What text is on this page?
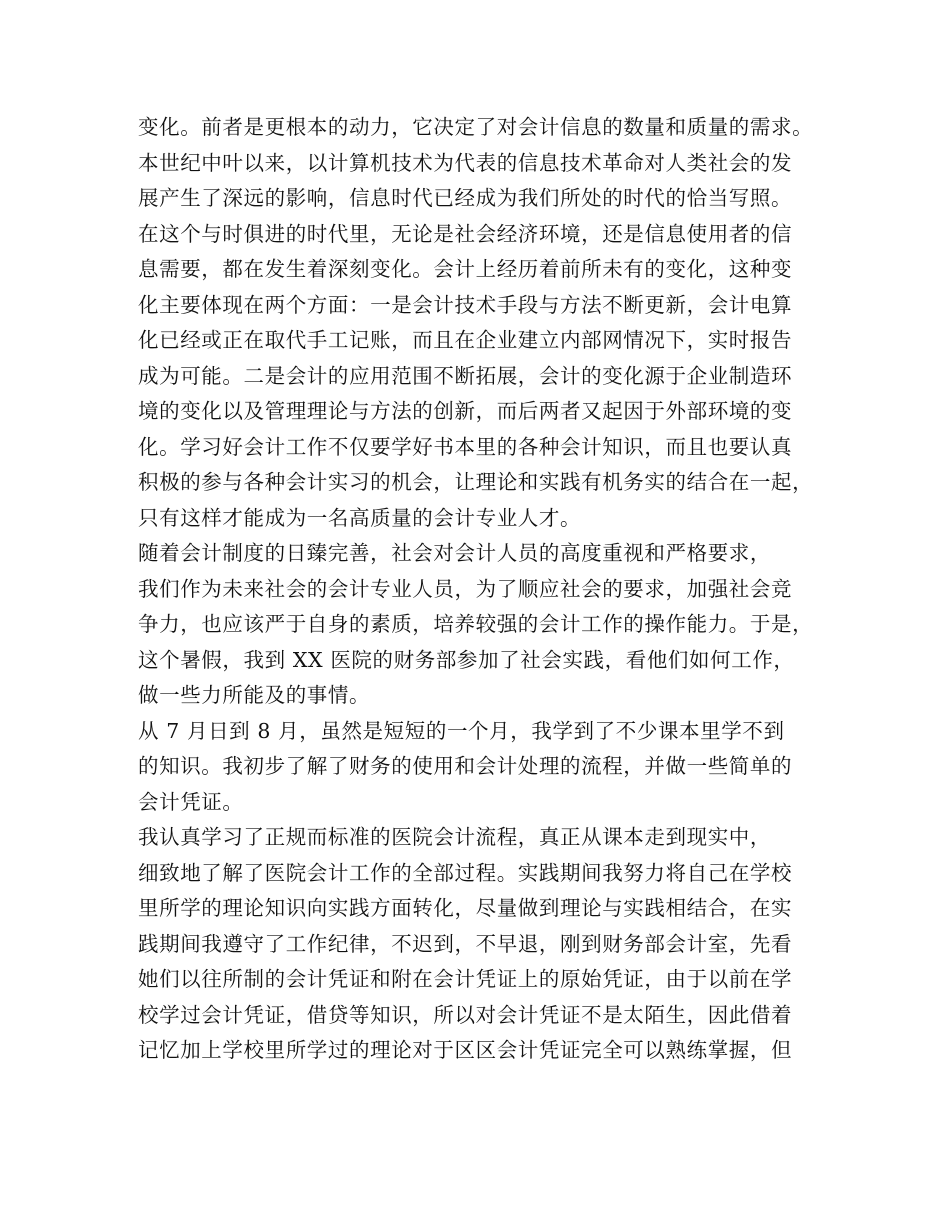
变化。前者是更根本的动力，它决定了对会计信息的数量和质量的需求。
本世纪中叶以来，以计算机技术为代表的信息技术革命对人类社会的发
展产生了深远的影响，信息时代已经成为我们所处的时代的恰当写照。
在这个与时俱进的时代里，无论是社会经济环境，还是信息使用者的信
息需要，都在发生着深刻变化。会计上经历着前所未有的变化，这种变
化主要体现在两个方面：一是会计技术手段与方法不断更新，会计电算
化已经或正在取代手工记账，而且在企业建立内部网情况下，实时报告
成为可能。二是会计的应用范围不断拓展，会计的变化源于企业制造环
境的变化以及管理理论与方法的创新，而后两者又起因于外部环境的变
化。学习好会计工作不仅要学好书本里的各种会计知识，而且也要认真
积极的参与各种会计实习的机会，让理论和实践有机务实的结合在一起，
只有这样才能成为一名高质量的会计专业人才。
随着会计制度的日臻完善，社会对会计人员的高度重视和严格要求，
我们作为未来社会的会计专业人员，为了顺应社会的要求，加强社会竞
争力，也应该严于自身的素质，培养较强的会计工作的操作能力。于是，
这个暑假，我到 XX 医院的财务部参加了社会实践，看他们如何工作，
做一些力所能及的事情。
从 7 月日到 8 月，虽然是短短的一个月，我学到了不少课本里学不到
的知识。我初步了解了财务的使用和会计处理的流程，并做一些简单的
会计凭证。
我认真学习了正规而标准的医院会计流程，真正从课本走到现实中，
细致地了解了医院会计工作的全部过程。实践期间我努力将自己在学校
里所学的理论知识向实践方面转化，尽量做到理论与实践相结合，在实
践期间我遵守了工作纪律，不迟到，不早退，刚到财务部会计室，先看
她们以往所制的会计凭证和附在会计凭证上的原始凭证，由于以前在学
校学过会计凭证，借贷等知识，所以对会计凭证不是太陌生，因此借着
记忆加上学校里所学过的理论对于区区会计凭证完全可以熟练掌握，但
